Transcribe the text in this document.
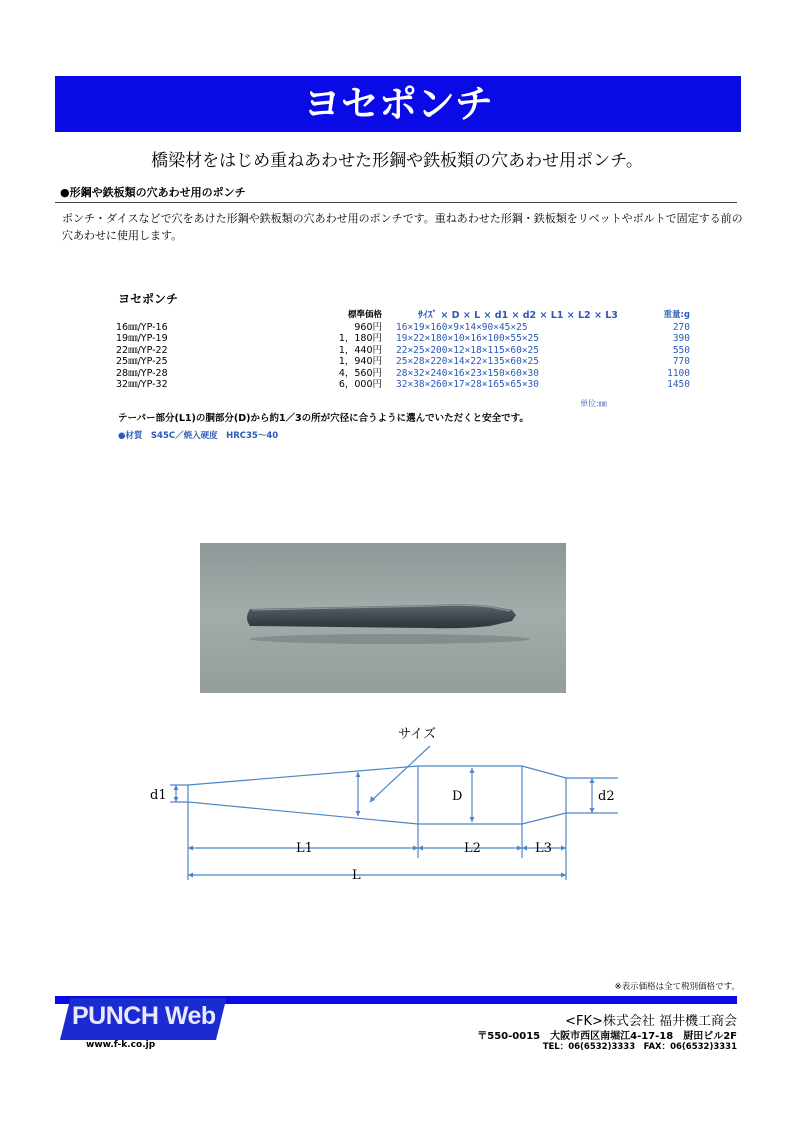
ヨセポンチ
橋梁材をはじめ重ねあわせた形鋼や鉄板類の穴あわせ用ポンチ。
●形鋼や鉄板類の穴あわせ用のポンチ
ポンチ・ダイスなどで穴をあけた形鋼や鉄板類の穴あわせ用のポンチです。重ねあわせた形鋼・鉄板類をリベットやボルトで固定する前の穴あわせに使用します。
ヨセポンチ
	標準価格	ｻｲｽﾞ × D × L × d1 × d2 × L1 × L2 × L3	重量:g
16㎜/YP-16	960円	16×19×160×9×14×90×45×25	270
19㎜/YP-19	1，180円	19×22×180×10×16×100×55×25	390
22㎜/YP-22	1，440円	22×25×200×12×18×115×60×25	550
25㎜/YP-25	1，940円	25×28×220×14×22×135×60×25	770
28㎜/YP-28	4，560円	28×32×240×16×23×150×60×30	1100
32㎜/YP-32	6，000円	32×38×260×17×28×165×65×30	1450
単位:㎜
テーパー部分(L1)の胴部分(D)から約1／3の所が穴径に合うように選んでいただくと安全です。
●材質　S45C／焼入硬度　HRC35～40
サイズ
d1	D	d2
L1	L2	L3
L
※表示価格は全て税別価格です。
PUNCH Web
www.f-k.co.jp
<FK>株式会社 福井機工商会
〒550-0015　大阪市西区南堀江4-17-18　厨田ビル2F
TEL：06(6532)3333　FAX：06(6532)3331
